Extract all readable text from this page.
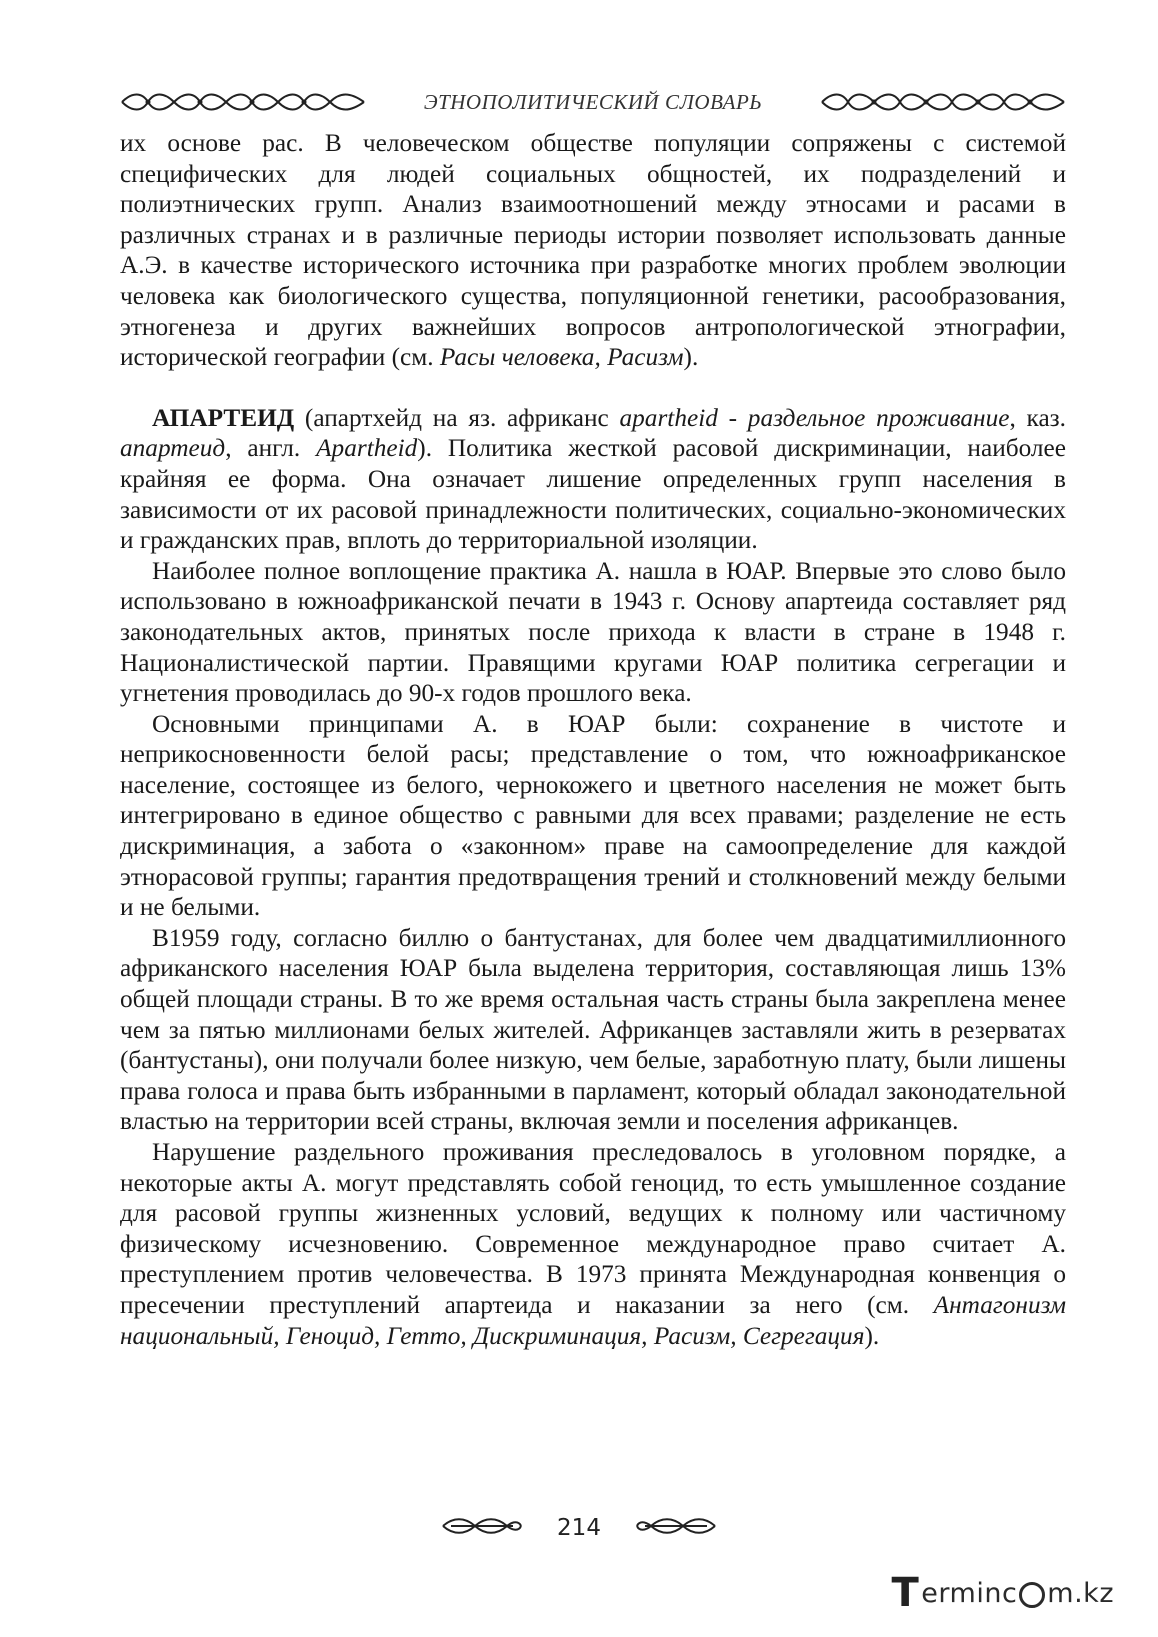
ЭТНОПОЛИТИЧЕСКИЙ СЛОВАРЬ

их основе рас. В человеческом обществе популяции сопряжены с системой специфических для людей социальных общностей, их подразделений и полиэтнических групп. Анализ взаимоотношений между этносами и расами в различных странах и в различные периоды истории позволяет использовать данные А.Э. в качестве исторического источника при разработке многих проблем эволюции человека как биологического существа, популяционной генетики, расообразования, этногенеза и других важнейших вопросов антропологической этнографии, исторической географии (см. Расы человека, Расизм).

АПАРТЕИД (апартхейд на яз. африканс apartheid - раздельное проживание, каз. апартеид, англ. Apartheid). Политика жесткой расовой дискриминации, наиболее крайняя ее форма. Она означает лишение определенных групп населения в зависимости от их расовой принадлежности политических, социально-экономических и гражданских прав, вплоть до территориальной изоляции.

Наиболее полное воплощение практика А. нашла в ЮАР. Впервые это слово было использовано в южноафриканской печати в 1943 г. Основу апартеида составляет ряд законодательных актов, принятых после прихода к власти в стране в 1948 г. Националистической партии. Правящими кругами ЮАР политика сегрегации и угнетения проводилась до 90-х годов прошлого века.

Основными принципами А. в ЮАР были: сохранение в чистоте и неприкосновенности белой расы; представление о том, что южноафриканское население, состоящее из белого, чернокожего и цветного населения не может быть интегрировано в единое общество с равными для всех правами; разделение не есть дискриминация, а забота о «законном» праве на самоопределение для каждой этнорасовой группы; гарантия предотвращения трений и столкновений между белыми и не белыми.

В1959 году, согласно биллю о бантустанах, для более чем двадцатимиллионного африканского населения ЮАР была выделена территория, составляющая лишь 13% общей площади страны. В то же время остальная часть страны была закреплена менее чем за пятью миллионами белых жителей. Африканцев заставляли жить в резерватах (бантустаны), они получали более низкую, чем белые, заработную плату, были лишены права голоса и права быть избранными в парламент, который обладал законодательной властью на территории всей страны, включая земли и поселения африканцев.

Нарушение раздельного проживания преследовалось в уголовном порядке, а некоторые акты А. могут представлять собой геноцид, то есть умышленное создание для расовой группы жизненных условий, ведущих к полному или частичному физическому исчезновению. Современное международное право считает А. преступлением против человечества. В 1973 принята Международная конвенция о пресечении преступлений апартеида и наказании за него (см. Антагонизм национальный, Геноцид, Гетто, Дискриминация, Расизм, Сегрегация).

214
T ermin c m.kz
